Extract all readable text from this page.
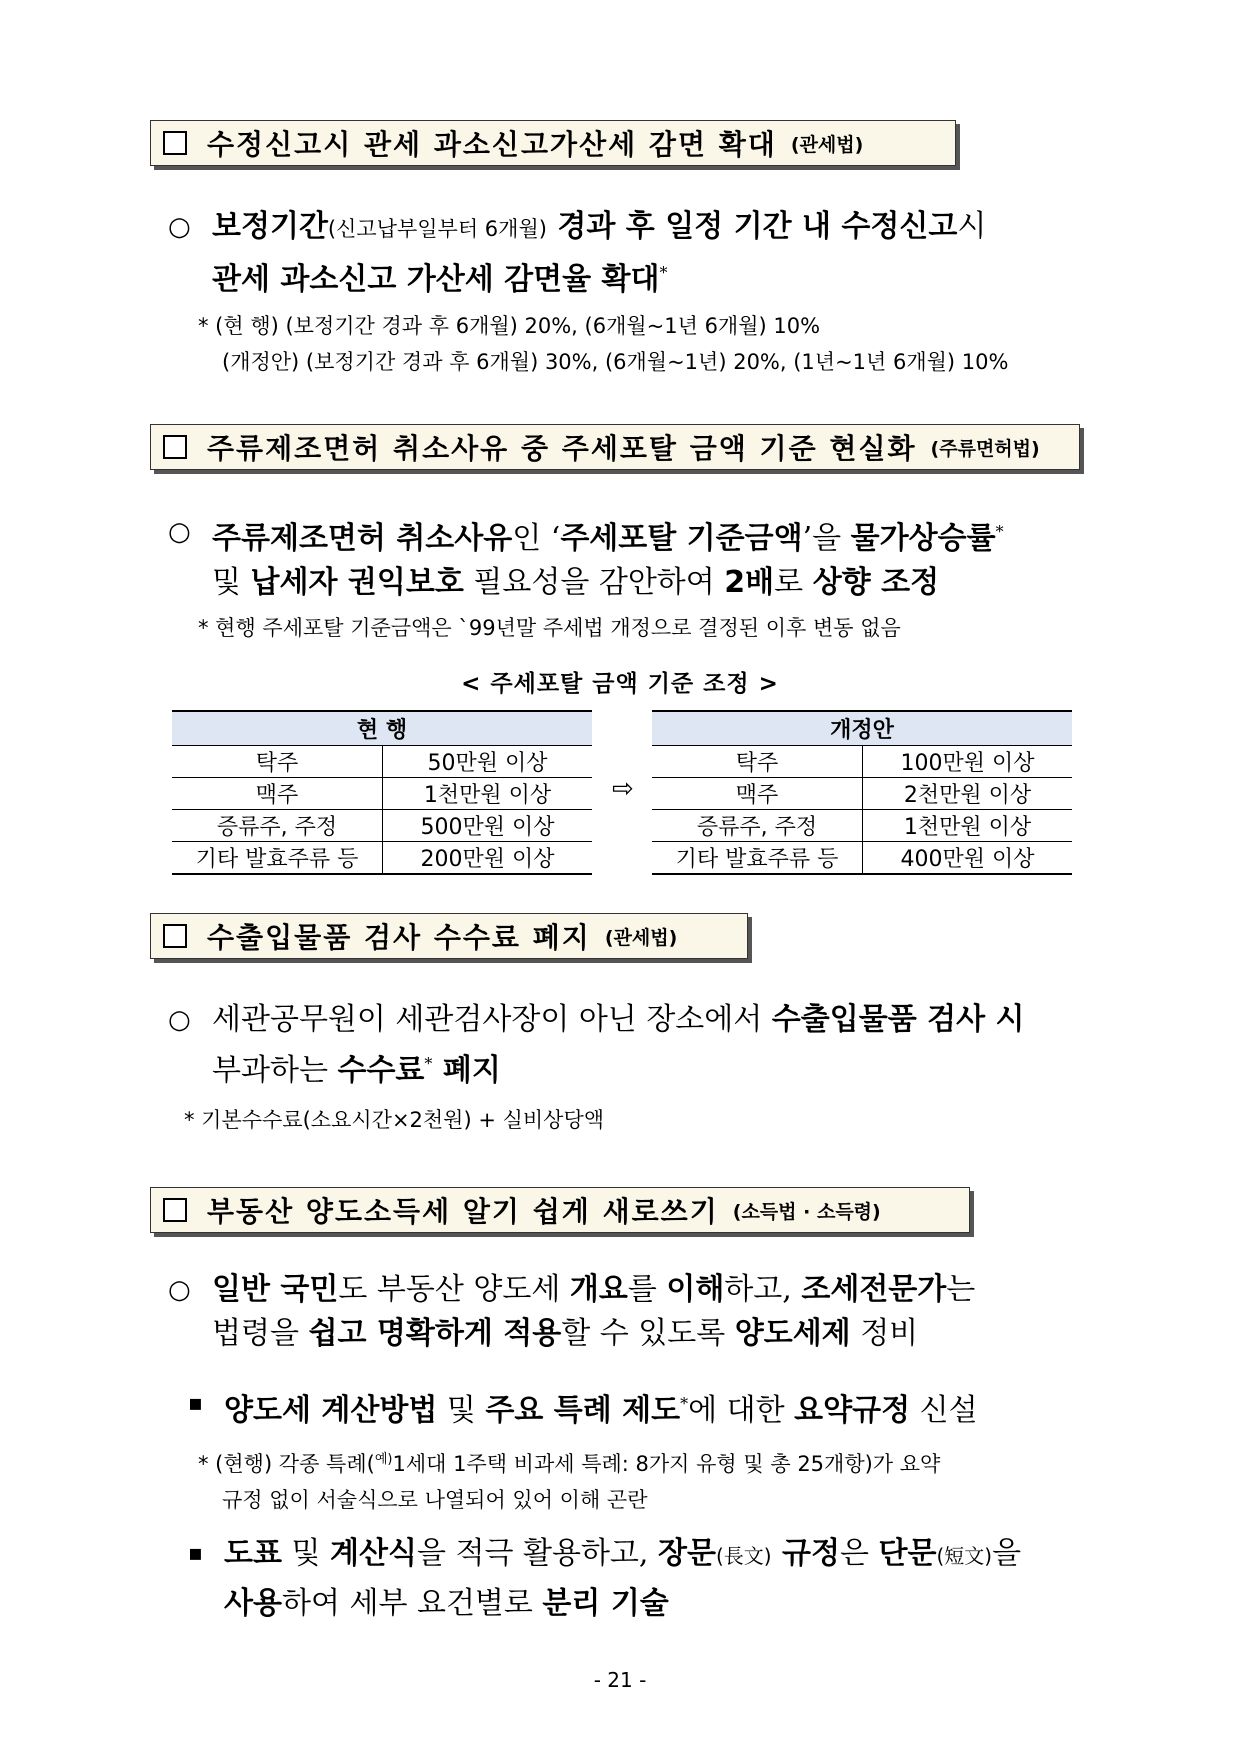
수정신고시 관세 과소신고가산세 감면 확대 (관세법)
○ 보정기간(신고납부일부터 6개월) 경과 후 일정 기간 내 수정신고시
관세 과소신고 가산세 감면율 확대*
* (현 행) (보정기간 경과 후 6개월) 20%, (6개월~1년 6개월) 10%
(개정안) (보정기간 경과 후 6개월) 30%, (6개월~1년) 20%, (1년~1년 6개월) 10%
주류제조면허 취소사유 중 주세포탈 금액 기준 현실화 (주류면허법)
○ 주류제조면허 취소사유인 ‘주세포탈 기준금액’을 물가상승률*
및 납세자 권익보호 필요성을 감안하여 2배로 상향 조정
* 현행 주세포탈 기준금액은 `99년말 주세법 개정으로 결정된 이후 변동 없음
< 주세포탈 금액 기준 조정 >
현 행	
탁주	50만원 이상
맥주	1천만원 이상
증류주, 주정	500만원 이상
기타 발효주류 등	200만원 이상
⇨
개정안	
탁주	100만원 이상
맥주	2천만원 이상
증류주, 주정	1천만원 이상
기타 발효주류 등	400만원 이상
수출입물품 검사 수수료 폐지 (관세법)
○ 세관공무원이 세관검사장이 아닌 장소에서 수출입물품 검사 시
부과하는 수수료* 폐지
* 기본수수료(소요시간×2천원) + 실비상당액
부동산 양도소득세 알기 쉽게 새로쓰기 (소득법 · 소득령)
○ 일반 국민도 부동산 양도세 개요를 이해하고, 조세전문가는
법령을 쉽고 명확하게 적용할 수 있도록 양도세제 정비
▪ 양도세 계산방법 및 주요 특례 제도*에 대한 요약규정 신설
* (현행) 각종 특례($^{예)}$1세대 1주택 비과세 특례: 8가지 유형 및 총 25개항)가 요약
규정 없이 서술식으로 나열되어 있어 이해 곤란
▪ 도표 및 계산식을 적극 활용하고, 장문(長文) 규정은 단문(短文)을
사용하여 세부 요건별로 분리 기술
- 21 -
